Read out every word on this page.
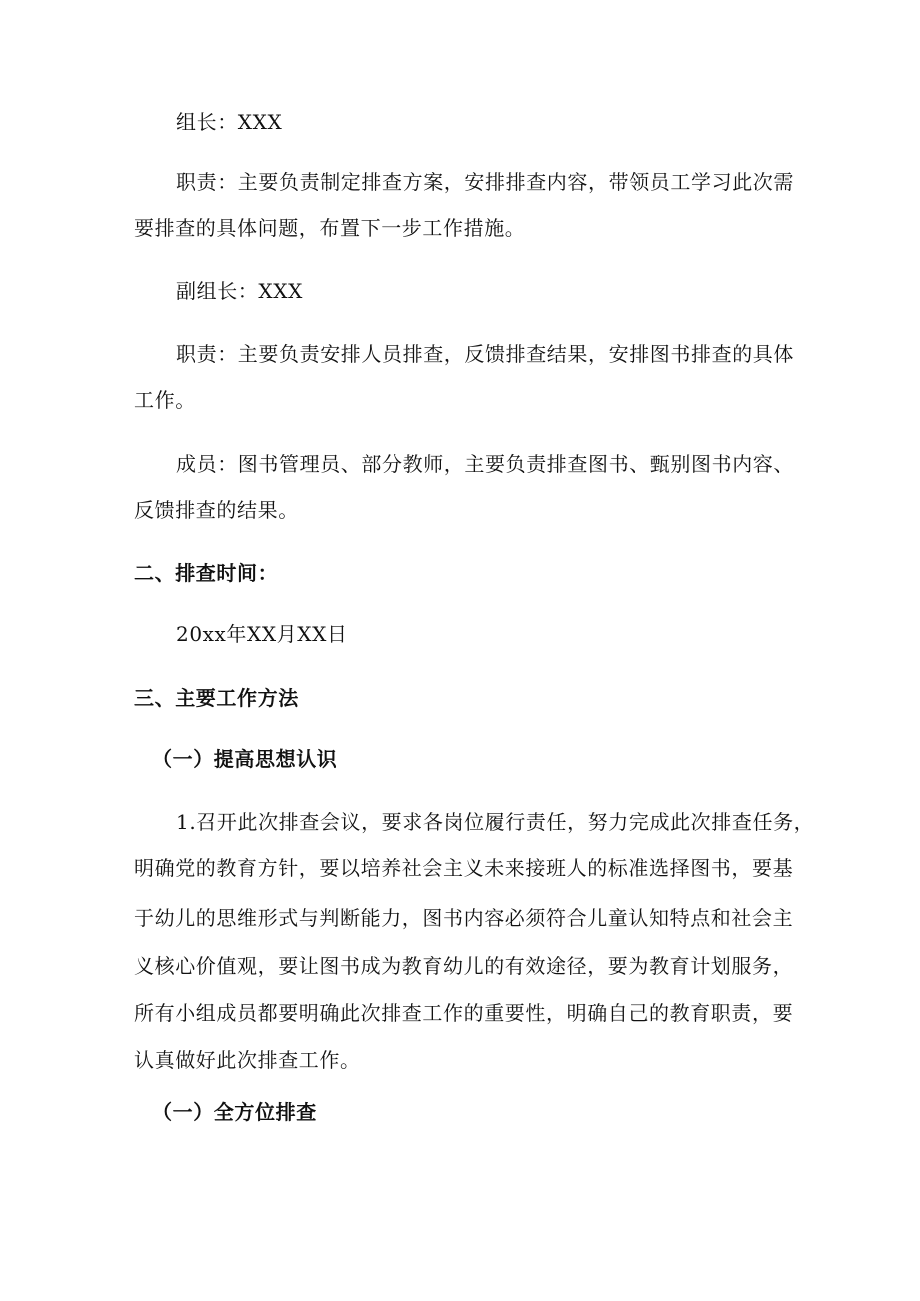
组长：XXX
职责：主要负责制定排查方案，安排排查内容，带领员工学习此次需
要排查的具体问题，布置下一步工作措施。
副组长：XXX
职责：主要负责安排人员排查，反馈排查结果，安排图书排查的具体
工作。
成员：图书管理员、部分教师，主要负责排查图书、甄别图书内容、
反馈排查的结果。
二、排查时间：
20xx年XX月XX日
三、主要工作方法
（一）提高思想认识
1.召开此次排查会议，要求各岗位履行责任，努力完成此次排查任务，
明确党的教育方针，要以培养社会主义未来接班人的标准选择图书，要基
于幼儿的思维形式与判断能力，图书内容必须符合儿童认知特点和社会主
义核心价值观，要让图书成为教育幼儿的有效途径，要为教育计划服务，
所有小组成员都要明确此次排查工作的重要性，明确自己的教育职责，要
认真做好此次排查工作。
（一）全方位排查
